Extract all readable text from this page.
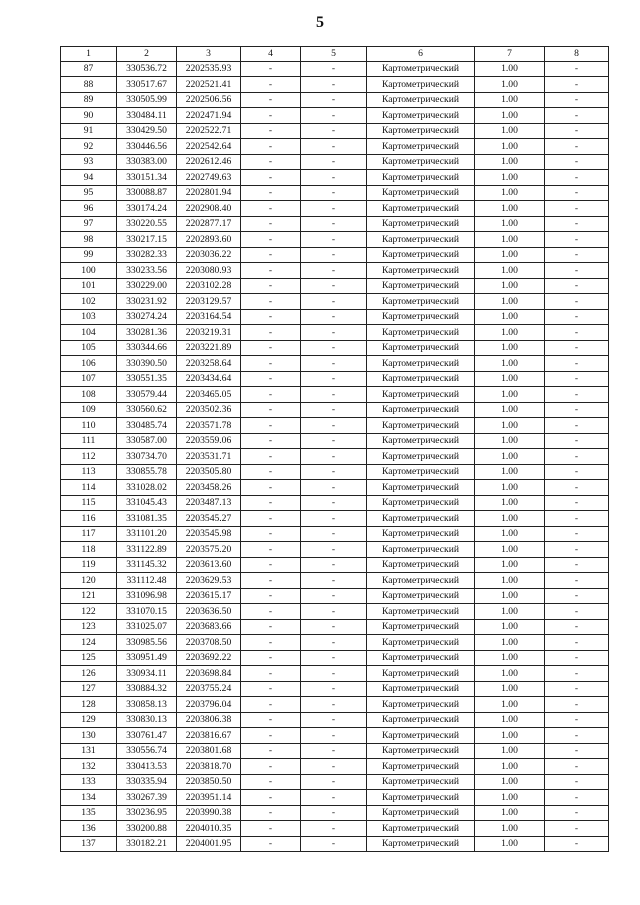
5
1	2	3	4	5	6	7	8
87	330536.72	2202535.93	-	-	Картометрический	1.00	-
88	330517.67	2202521.41	-	-	Картометрический	1.00	-
89	330505.99	2202506.56	-	-	Картометрический	1.00	-
90	330484.11	2202471.94	-	-	Картометрический	1.00	-
91	330429.50	2202522.71	-	-	Картометрический	1.00	-
92	330446.56	2202542.64	-	-	Картометрический	1.00	-
93	330383.00	2202612.46	-	-	Картометрический	1.00	-
94	330151.34	2202749.63	-	-	Картометрический	1.00	-
95	330088.87	2202801.94	-	-	Картометрический	1.00	-
96	330174.24	2202908.40	-	-	Картометрический	1.00	-
97	330220.55	2202877.17	-	-	Картометрический	1.00	-
98	330217.15	2202893.60	-	-	Картометрический	1.00	-
99	330282.33	2203036.22	-	-	Картометрический	1.00	-
100	330233.56	2203080.93	-	-	Картометрический	1.00	-
101	330229.00	2203102.28	-	-	Картометрический	1.00	-
102	330231.92	2203129.57	-	-	Картометрический	1.00	-
103	330274.24	2203164.54	-	-	Картометрический	1.00	-
104	330281.36	2203219.31	-	-	Картометрический	1.00	-
105	330344.66	2203221.89	-	-	Картометрический	1.00	-
106	330390.50	2203258.64	-	-	Картометрический	1.00	-
107	330551.35	2203434.64	-	-	Картометрический	1.00	-
108	330579.44	2203465.05	-	-	Картометрический	1.00	-
109	330560.62	2203502.36	-	-	Картометрический	1.00	-
110	330485.74	2203571.78	-	-	Картометрический	1.00	-
111	330587.00	2203559.06	-	-	Картометрический	1.00	-
112	330734.70	2203531.71	-	-	Картометрический	1.00	-
113	330855.78	2203505.80	-	-	Картометрический	1.00	-
114	331028.02	2203458.26	-	-	Картометрический	1.00	-
115	331045.43	2203487.13	-	-	Картометрический	1.00	-
116	331081.35	2203545.27	-	-	Картометрический	1.00	-
117	331101.20	2203545.98	-	-	Картометрический	1.00	-
118	331122.89	2203575.20	-	-	Картометрический	1.00	-
119	331145.32	2203613.60	-	-	Картометрический	1.00	-
120	331112.48	2203629.53	-	-	Картометрический	1.00	-
121	331096.98	2203615.17	-	-	Картометрический	1.00	-
122	331070.15	2203636.50	-	-	Картометрический	1.00	-
123	331025.07	2203683.66	-	-	Картометрический	1.00	-
124	330985.56	2203708.50	-	-	Картометрический	1.00	-
125	330951.49	2203692.22	-	-	Картометрический	1.00	-
126	330934.11	2203698.84	-	-	Картометрический	1.00	-
127	330884.32	2203755.24	-	-	Картометрический	1.00	-
128	330858.13	2203796.04	-	-	Картометрический	1.00	-
129	330830.13	2203806.38	-	-	Картометрический	1.00	-
130	330761.47	2203816.67	-	-	Картометрический	1.00	-
131	330556.74	2203801.68	-	-	Картометрический	1.00	-
132	330413.53	2203818.70	-	-	Картометрический	1.00	-
133	330335.94	2203850.50	-	-	Картометрический	1.00	-
134	330267.39	2203951.14	-	-	Картометрический	1.00	-
135	330236.95	2203990.38	-	-	Картометрический	1.00	-
136	330200.88	2204010.35	-	-	Картометрический	1.00	-
137	330182.21	2204001.95	-	-	Картометрический	1.00	-
